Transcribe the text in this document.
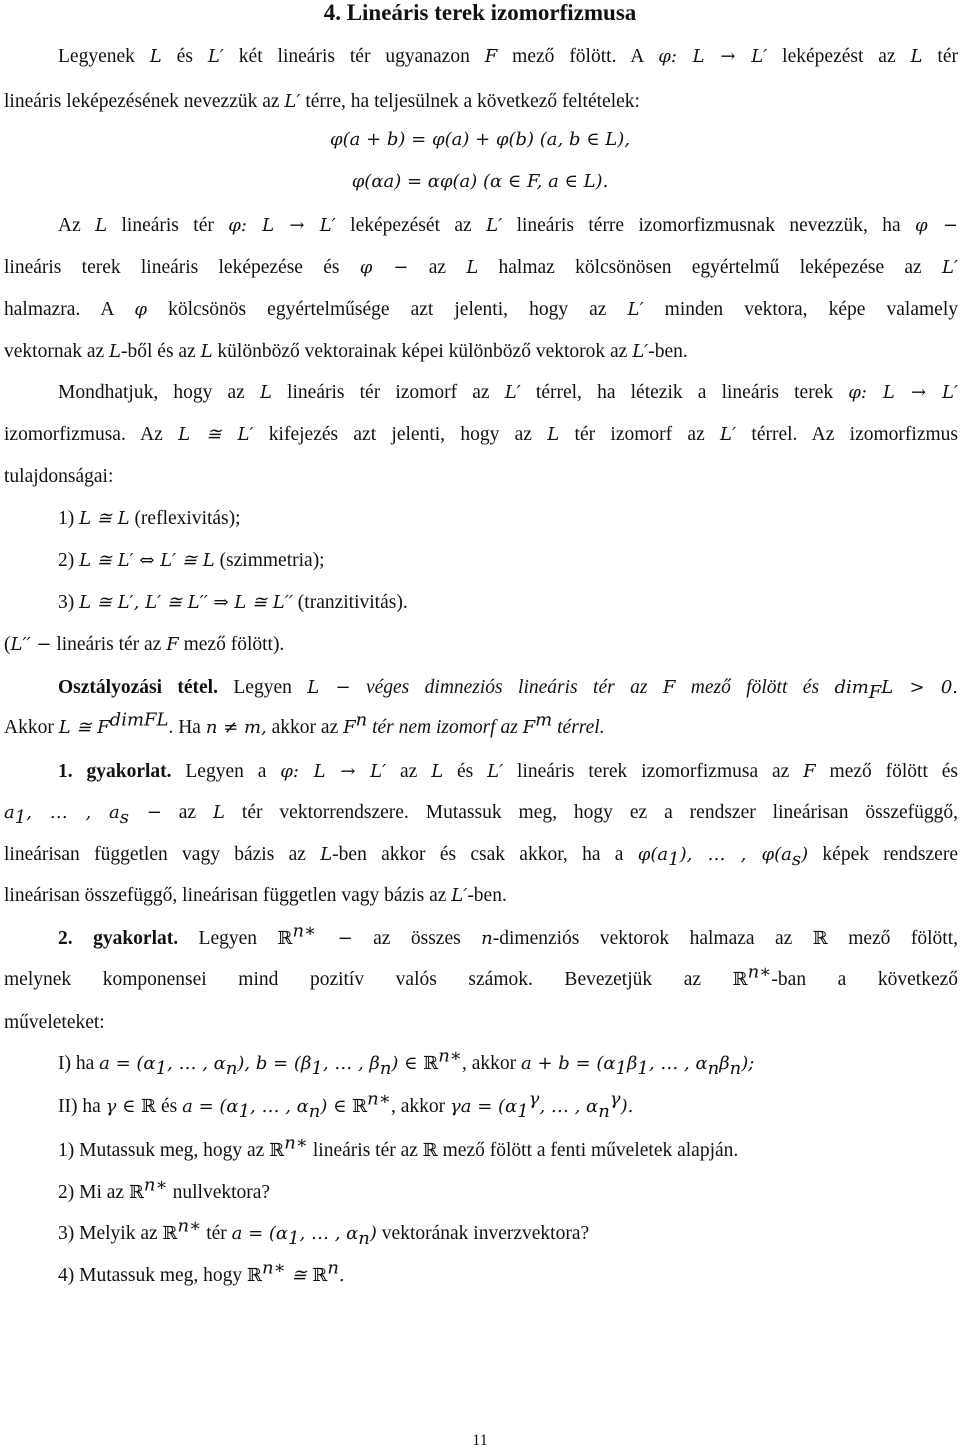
4. Lineáris terek izomorfizmusa
Legyenek L és L′ két lineáris tér ugyanazon F mező fölött. A φ: L → L′ leképezést az L tér
lineáris leképezésének nevezzük az L′ térre, ha teljesülnek a következő feltételek:
φ(a + b) = φ(a) + φ(b) (a, b ∈ L),
φ(αa) = αφ(a) (α ∈ F, a ∈ L).
Az L lineáris tér φ: L → L′ leképezését az L′ lineáris térre izomorfizmusnak nevezzük, ha φ −
lineáris terek lineáris leképezése és φ − az L halmaz kölcsönösen egyértelmű leképezése az L′
halmazra. A φ kölcsönös egyértelműsége azt jelenti, hogy az L′ minden vektora, képe valamely
vektornak az L-ből és az L különböző vektorainak képei különböző vektorok az L′-ben.
Mondhatjuk, hogy az L lineáris tér izomorf az L′ térrel, ha létezik a lineáris terek φ: L → L′
izomorfizmusa. Az L ≅ L′ kifejezés azt jelenti, hogy az L tér izomorf az L′ térrel. Az izomorfizmus
tulajdonságai:
1) L ≅ L (reflexivitás);
2) L ≅ L′ ⇔ L′ ≅ L (szimmetria);
3) L ≅ L′, L′ ≅ L′′ ⇒ L ≅ L′′ (tranzitivitás).
(L′′ − lineáris tér az F mező fölött).
Osztályozási tétel. Legyen L − véges dimneziós lineáris tér az F mező fölött és dim$_F$L > 0.
Akkor L ≅ $F^{dimFL}$. Ha n ≠ m, akkor az $F^n$ tér nem izomorf az $F^m$ térrel.
1. gyakorlat. Legyen a φ: L → L′ az L és L′ lineáris terek izomorfizmusa az F mező fölött és
$a_1$, … , $a_s$ − az L tér vektorrendszere. Mutassuk meg, hogy ez a rendszer lineárisan összefüggő,
lineárisan független vagy bázis az L-ben akkor és csak akkor, ha a $\varphi(a_1)$, … , $\varphi(a_s)$ képek rendszere
lineárisan összefüggő, lineárisan független vagy bázis az L′-ben.
2. gyakorlat. Legyen ℝ$^{n∗}$ − az összes n-dimenziós vektorok halmaza az ℝ mező fölött,
melynek komponensei mind pozitív valós számok. Bevezetjük az ℝ$^{n∗}$-ban a következő
műveleteket:
I) ha $a = (\alpha_1$, … , $\alpha_n$), $b = (\beta_1$, … , $\beta_n$) ∈ ℝ$^{n∗}$, akkor $a + b = (\alpha_1\beta_1$, … , $\alpha_n\beta_n$);
II) ha γ ∈ ℝ és $a = (\alpha_1$, … , $\alpha_n$) ∈ ℝ$^{n∗}$, akkor $\gamma a = (\alpha_1^\gamma$, … , $\alpha_n^\gamma$).
1) Mutassuk meg, hogy az ℝ$^{n∗}$ lineáris tér az ℝ mező fölött a fenti műveletek alapján.
2) Mi az ℝ$^{n∗}$ nullvektora?
3) Melyik az ℝ$^{n∗}$ tér $a = (\alpha_1$, … , $\alpha_n$) vektorának inverzvektora?
4) Mutassuk meg, hogy ℝ$^{n∗}$ ≅ ℝ$^n$.
11
